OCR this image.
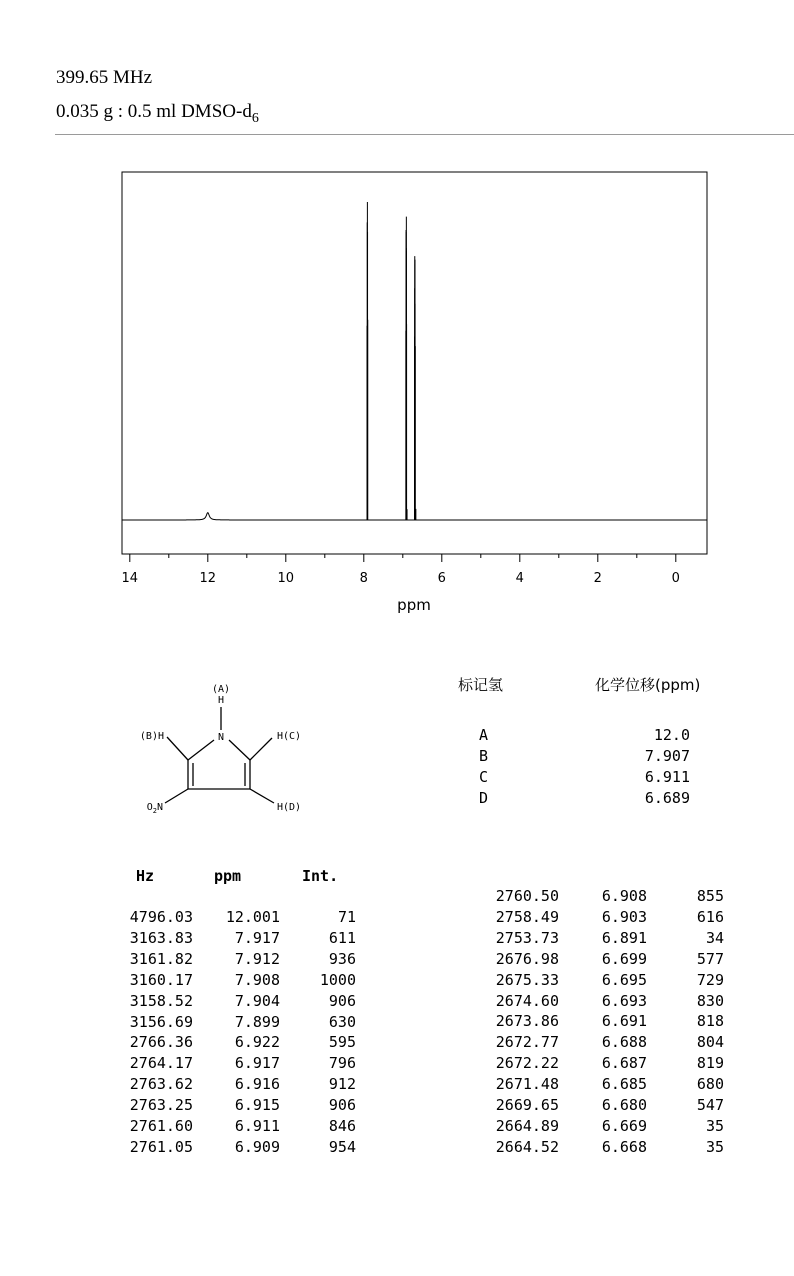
399.65 MHz
0.035 g : 0.5 ml DMSO-$d_6$
14	12	10	8	6	4	2	0
ppm
(A)
H
N
(B)H	H(C)
H(D)
$O_2N$
标记氢	化学位移(ppm)
A	12.0
B	7.907
C	6.911
D	6.689
Hz	ppm	Int.
4796.03	12.001	71
3163.83	7.917	611
3161.82	7.912	936
3160.17	7.908	1000
3158.52	7.904	906
3156.69	7.899	630
2766.36	6.922	595
2764.17	6.917	796
2763.62	6.916	912
2763.25	6.915	906
2761.60	6.911	846
2761.05	6.909	954
2760.50	6.908	855
2758.49	6.903	616
2753.73	6.891	34
2676.98	6.699	577
2675.33	6.695	729
2674.60	6.693	830
2673.86	6.691	818
2672.77	6.688	804
2672.22	6.687	819
2671.48	6.685	680
2669.65	6.680	547
2664.89	6.669	35
2664.52	6.668	35
